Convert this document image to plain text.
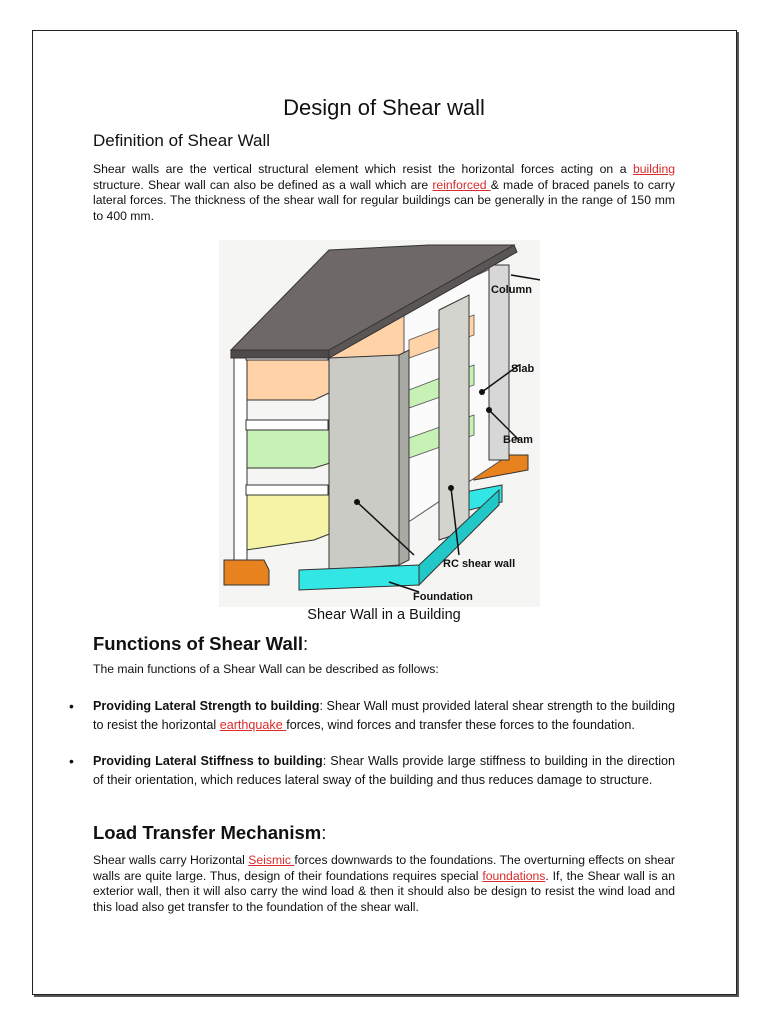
Design of Shear wall
Definition of Shear Wall

Shear walls are the vertical structural element which resist the horizontal forces acting on a building structure. Shear wall can also be defined as a wall which are reinforced & made of braced panels to carry lateral forces. The thickness of the shear wall for regular buildings can be generally in the range of 150 mm to 400 mm.

Column
Slab
Beam
RC shear wall
Foundation

Shear Wall in a Building

Functions of Shear Wall:

The main functions of a Shear Wall can be described as follows:

• Providing Lateral Strength to building: Shear Wall must provided lateral shear strength to the building to resist the horizontal earthquake forces, wind forces and transfer these forces to the foundation.
• Providing Lateral Stiffness to building: Shear Walls provide large stiffness to building in the direction of their orientation, which reduces lateral sway of the building and thus reduces damage to structure.
Load Transfer Mechanism:

Shear walls carry Horizontal Seismic forces downwards to the foundations. The overturning effects on shear walls are quite large. Thus, design of their foundations requires special foundations. If, the Shear wall is an exterior wall, then it will also carry the wind load & then it should also be design to resist the wind load and this load also get transfer to the foundation of the shear wall.
